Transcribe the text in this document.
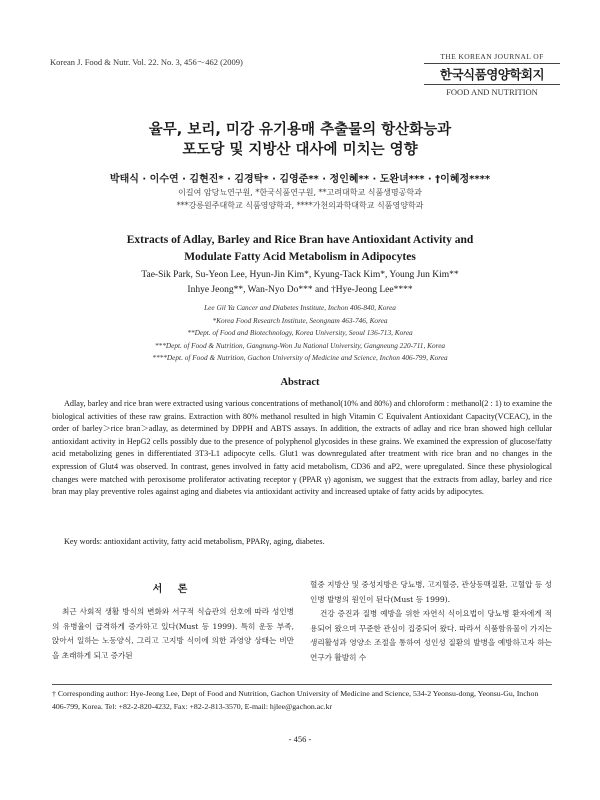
Korean J. Food & Nutr. Vol. 22. No. 3, 456～462 (2009)
THE KOREAN JOURNAL OF
한국식품영양학회지
FOOD AND NUTRITION
율무, 보리, 미강 유기용매 추출물의 항산화능과
포도당 및 지방산 대사에 미치는 영향
박태식 · 이수연 · 김현진* · 김경탁* · 김영준** · 정인혜** · 도완녀*** · †이혜정****
이길여 암당뇨연구원, *한국식품연구원, **고려대학교 식품생명공학과
***강릉원주대학교 식품영양학과, ****가천의과학대학교 식품영양학과
Extracts of Adlay, Barley and Rice Bran have Antioxidant Activity and
Modulate Fatty Acid Metabolism in Adipocytes
Tae-Sik Park, Su-Yeon Lee, Hyun-Jin Kim*, Kyung-Tack Kim*, Young Jun Kim**
Inhye Jeong**, Wan-Nyo Do*** and †Hye-Jeong Lee****
Lee Gil Ya Cancer and Diabetes Institute, Inchon 406-840, Korea
*Korea Food Research Institute, Seongnam 463-746, Korea
**Dept. of Food and Biotechnology, Korea University, Seoul 136-713, Korea
***Dept. of Food & Nutrition, Gangnung-Won Ju National University, Gangneung 220-711, Korea
****Dept. of Food & Nutrition, Gachon University of Medicine and Science, Inchon 406-799, Korea
Abstract
Adlay, barley and rice bran were extracted using various concentrations of methanol(10% and 80%) and chloroform : methanol(2 : 1) to examine the biological activities of these raw grains. Extraction with 80% methanol resulted in high Vitamin C Equivalent Antioxidant Capacity(VCEAC), in the order of barley＞rice bran＞adlay, as determined by DPPH and ABTS assays. In addition, the extracts of adlay and rice bran showed high cellular antioxidant activity in HepG2 cells possibly due to the presence of polyphenol glycosides in these grains. We examined the expression of glucose/fatty acid metabolizing genes in differentiated 3T3-L1 adipocyte cells. Glut1 was downregulated after treatment with rice bran and no changes in the expression of Glut4 was observed. In contrast, genes involved in fatty acid metabolism, CD36 and aP2, were upregulated. Since these physiological changes were matched with peroxisome proliferator activating receptor γ (PPAR γ) agonism, we suggest that the extracts from adlay, barley and rice bran may play preventive roles against aging and diabetes via antioxidant activity and increased uptake of fatty acids by adipocytes.
Key words: antioxidant activity, fatty acid metabolism, PPARγ, aging, diabetes.
서 론

최근 사회적 생활 방식의 변화와 서구적 식습관의 선호에 따라 성인병의 유병율이 급격하게 증가하고 있다(Must 등 1999). 특히 운동 부족, 앉아서 일하는 노동양식, 그리고 고지방 식이에 의한 과영양 상태는 비만을 초래하게 되고 증가된

혈중 지방산 및 중성지방은 당뇨병, 고지혈증, 관상동맥질환, 고혈압 등 성인병 발병의 원인이 된다(Must 등 1999).

건강 증진과 질병 예방을 위한 자연식 식이요법이 당뇨병 환자에게 적용되어 왔으며 꾸준한 관심이 집중되어 왔다. 따라서 식품함유물이 가지는 생리활성과 영양소 조절을 통하여 성인성 질환의 발병을 예방하고자 하는 연구가 활발히 수

† Corresponding author: Hye-Jeong Lee, Dept of Food and Nutrition, Gachon University of Medicine and Science, 534-2 Yeonsu-dong, Yeonsu-Gu, Inchon 406-799, Korea. Tel: +82-2-820-4232, Fax: +82-2-813-3570, E-mail: hjlee@gachon.ac.kr
- 456 -
